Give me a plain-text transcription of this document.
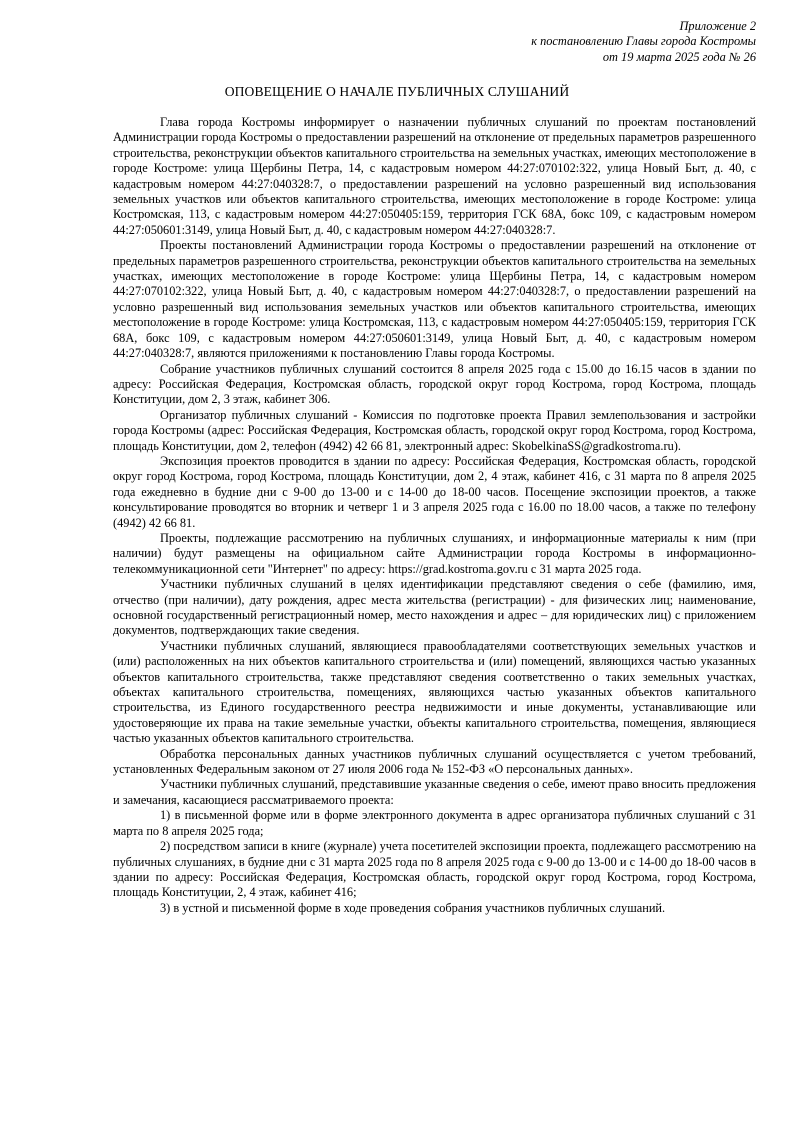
Приложение 2
к постановлению Главы города Костромы
от 19 марта 2025 года № 26
ОПОВЕЩЕНИЕ О НАЧАЛЕ ПУБЛИЧНЫХ СЛУШАНИЙ

Глава города Костромы информирует о назначении публичных слушаний по проектам постановлений Администрации города Костромы о предоставлении разрешений на отклонение от предельных параметров разрешенного строительства, реконструкции объектов капитального строительства на земельных участках, имеющих местоположение в городе Костроме: улица Щербины Петра, 14, с кадастровым номером 44:27:070102:322, улица Новый Быт, д. 40, с кадастровым номером 44:27:040328:7, о предоставлении разрешений на условно разрешенный вид использования земельных участков или объектов капитального строительства, имеющих местоположение в городе Костроме: улица Костромская, 113, с кадастровым номером 44:27:050405:159, территория ГСК 68А, бокс 109, с кадастровым номером 44:27:050601:3149, улица Новый Быт, д. 40, с кадастровым номером 44:27:040328:7.

Проекты постановлений Администрации города Костромы о предоставлении разрешений на отклонение от предельных параметров разрешенного строительства, реконструкции объектов капитального строительства на земельных участках, имеющих местоположение в городе Костроме: улица Щербины Петра, 14, с кадастровым номером 44:27:070102:322, улица Новый Быт, д. 40, с кадастровым номером 44:27:040328:7, о предоставлении разрешений на условно разрешенный вид использования земельных участков или объектов капитального строительства, имеющих местоположение в городе Костроме: улица Костромская, 113, с кадастровым номером 44:27:050405:159, территория ГСК 68А, бокс 109, с кадастровым номером 44:27:050601:3149, улица Новый Быт, д. 40, с кадастровым номером 44:27:040328:7, являются приложениями к постановлению Главы города Костромы.

Собрание участников публичных слушаний состоится 8 апреля 2025 года с 15.00 до 16.15 часов в здании по адресу: Российская Федерация, Костромская область, городской округ город Кострома, город Кострома, площадь Конституции, дом 2, 3 этаж, кабинет 306.

Организатор публичных слушаний - Комиссия по подготовке проекта Правил землепользования и застройки города Костромы (адрес: Российская Федерация, Костромская область, городской округ город Кострома, город Кострома, площадь Конституции, дом 2, телефон (4942) 42 66 81, электронный адрес: SkobelkinaSS@gradkostroma.ru).

Экспозиция проектов проводится в здании по адресу: Российская Федерация, Костромская область, городской округ город Кострома, город Кострома, площадь Конституции, дом 2, 4 этаж, кабинет 416, с 31 марта по 8 апреля 2025 года ежедневно в будние дни с 9-00 до 13-00 и с 14-00 до 18-00 часов. Посещение экспозиции проектов, а также консультирование проводятся во вторник и четверг 1 и 3 апреля 2025 года с 16.00 по 18.00 часов, а также по телефону (4942) 42 66 81.

Проекты, подлежащие рассмотрению на публичных слушаниях, и информационные материалы к ним (при наличии) будут размещены на официальном сайте Администрации города Костромы в информационно-телекоммуникационной сети "Интернет" по адресу: https://grad.kostroma.gov.ru с 31 марта 2025 года.

Участники публичных слушаний в целях идентификации представляют сведения о себе (фамилию, имя, отчество (при наличии), дату рождения, адрес места жительства (регистрации) - для физических лиц; наименование, основной государственный регистрационный номер, место нахождения и адрес – для юридических лиц) с приложением документов, подтверждающих такие сведения.

Участники публичных слушаний, являющиеся правообладателями соответствующих земельных участков и (или) расположенных на них объектов капитального строительства и (или) помещений, являющихся частью указанных объектов капитального строительства, также представляют сведения соответственно о таких земельных участках, объектах капитального строительства, помещениях, являющихся частью указанных объектов капитального строительства, из Единого государственного реестра недвижимости и иные документы, устанавливающие или удостоверяющие их права на такие земельные участки, объекты капитального строительства, помещения, являющиеся частью указанных объектов капитального строительства.

Обработка персональных данных участников публичных слушаний осуществляется с учетом требований, установленных Федеральным законом от 27 июля 2006 года № 152-ФЗ «О персональных данных».

Участники публичных слушаний, представившие указанные сведения о себе, имеют право вносить предложения и замечания, касающиеся рассматриваемого проекта:

1) в письменной форме или в форме электронного документа в адрес организатора публичных слушаний с 31 марта по 8 апреля 2025 года;

2) посредством записи в книге (журнале) учета посетителей экспозиции проекта, подлежащего рассмотрению на публичных слушаниях, в будние дни с 31 марта 2025 года по 8 апреля 2025 года с 9-00 до 13-00 и с 14-00 до 18-00 часов в здании по адресу: Российская Федерация, Костромская область, городской округ город Кострома, город Кострома, площадь Конституции, 2, 4 этаж, кабинет 416;

3) в устной и письменной форме в ходе проведения собрания участников публичных слушаний.
